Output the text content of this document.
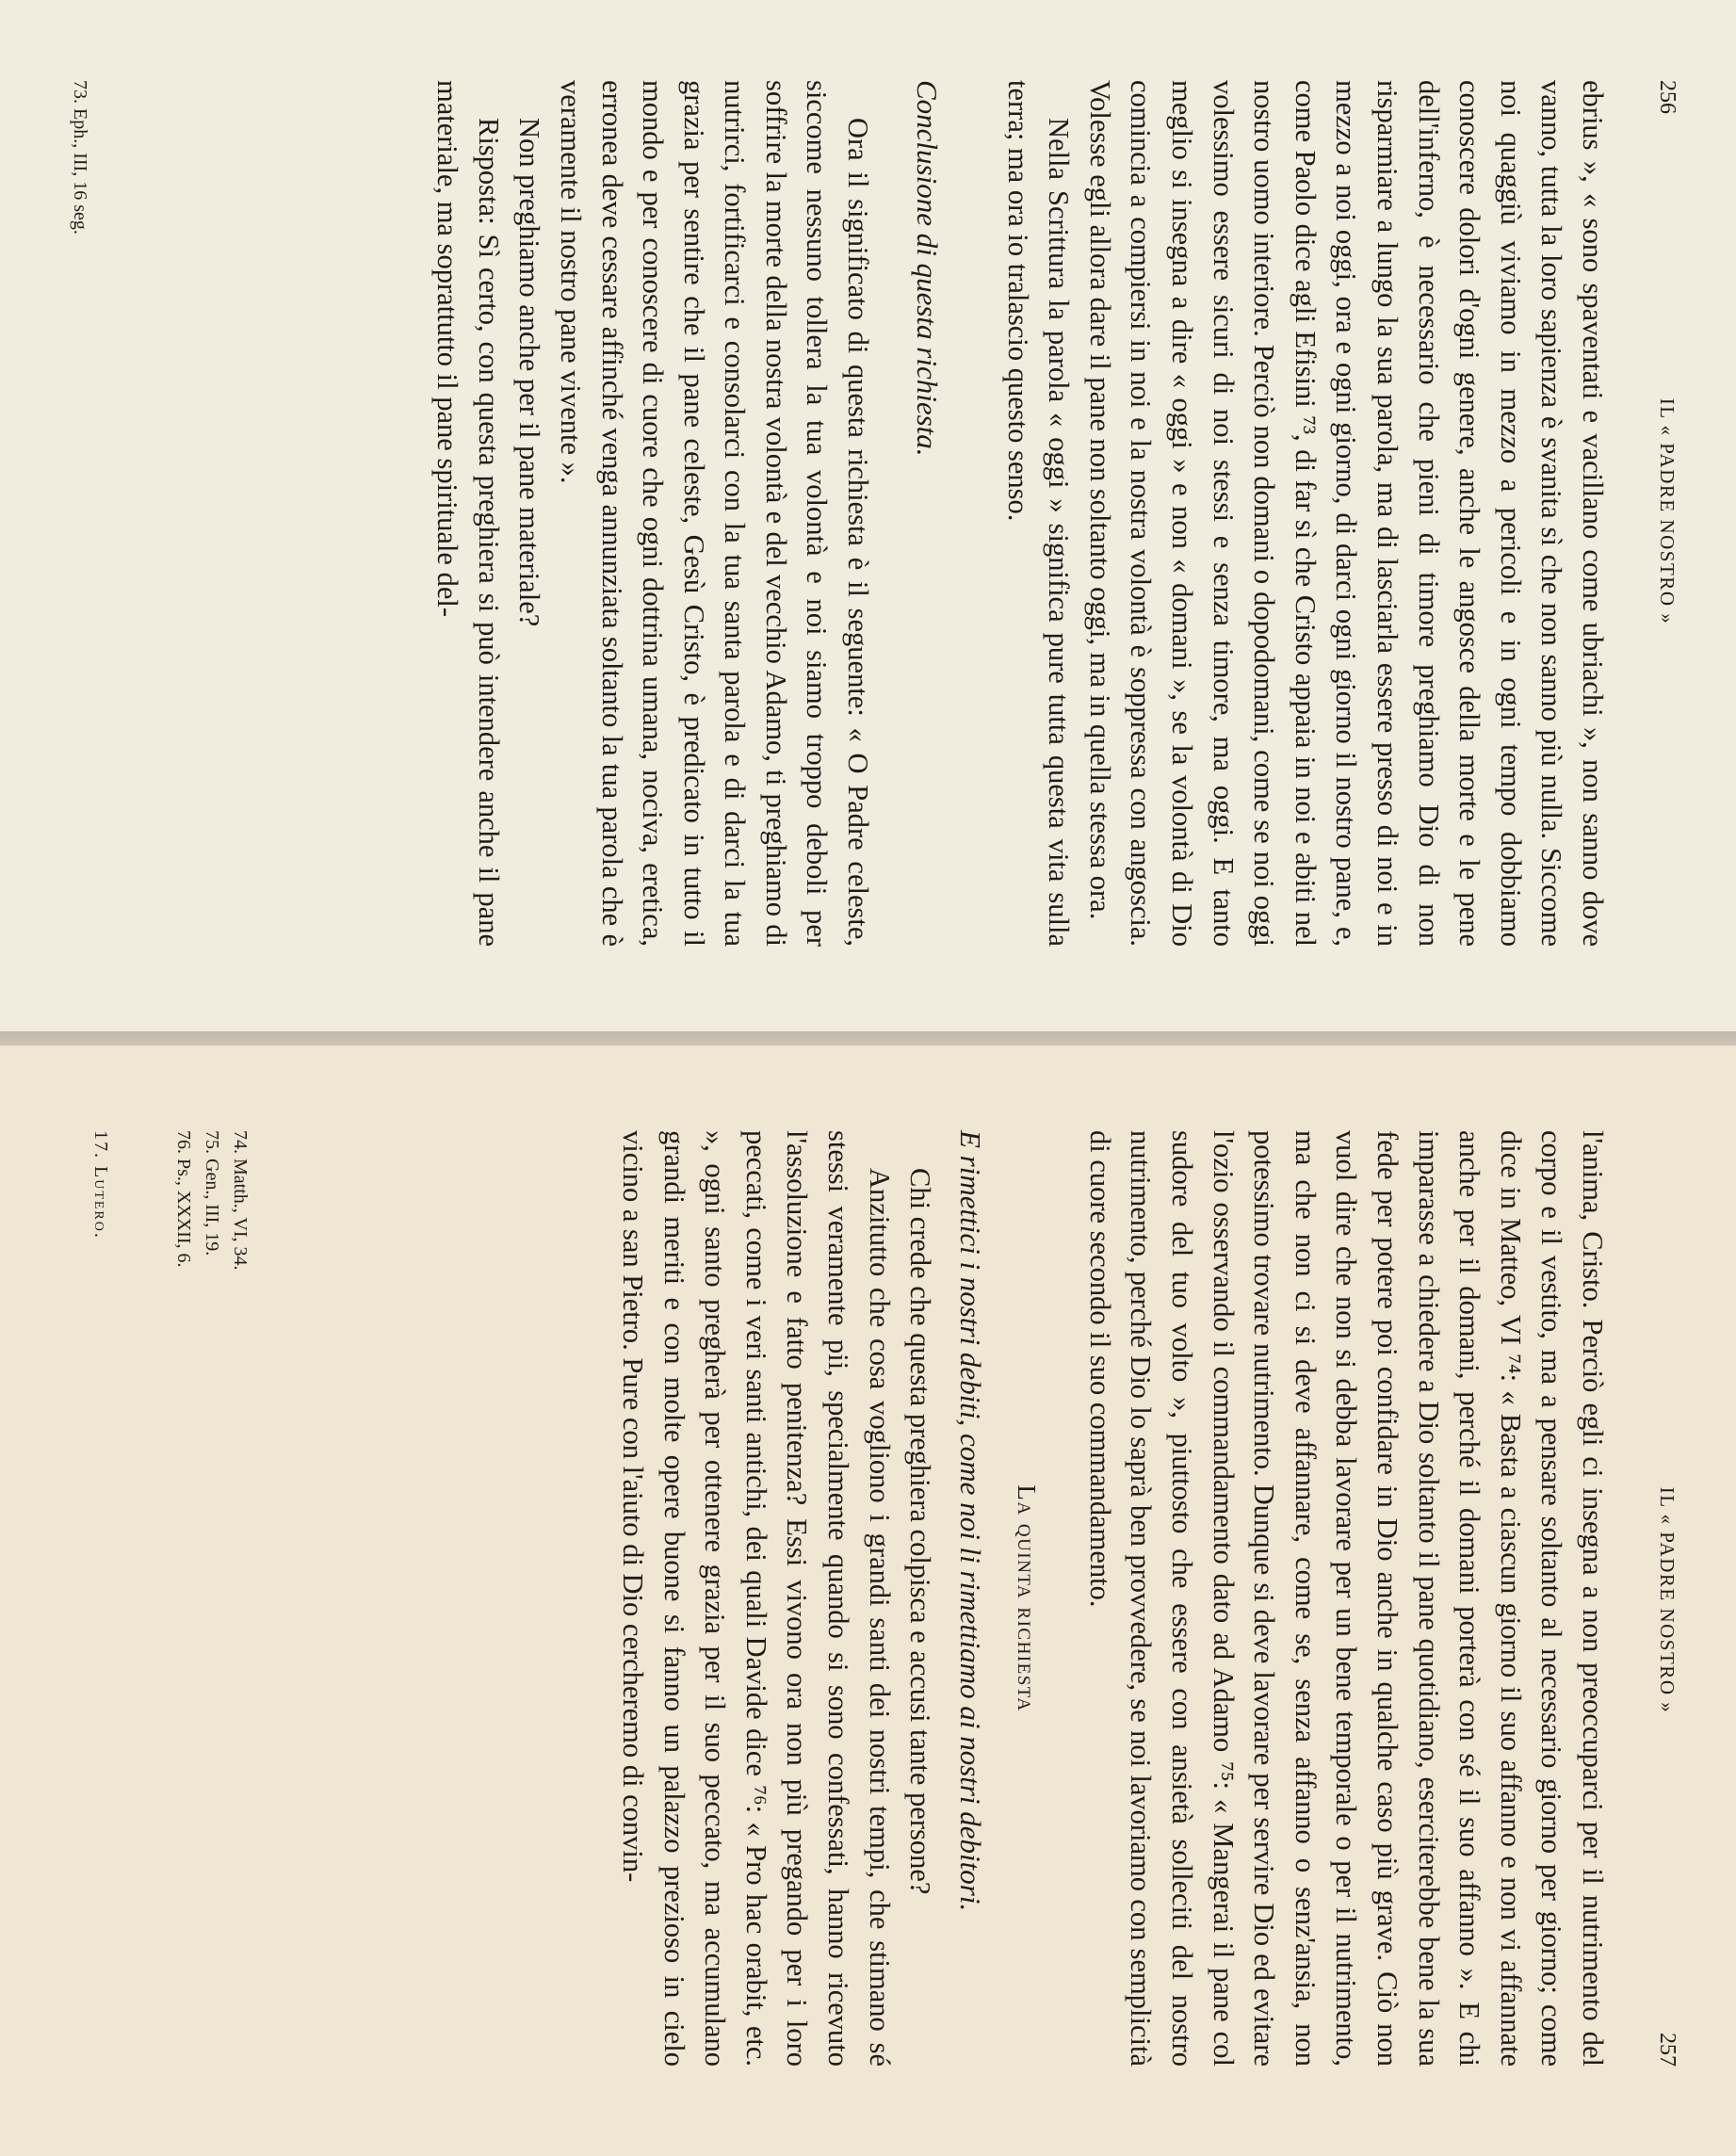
256
IL « PADRE NOSTRO »

ebrius », « sono spaventati e vacillano come ubriachi », non sanno dove vanno, tutta la loro sapienza è svanita sì che non sanno più nulla. Siccome noi quaggiù viviamo in mezzo a pericoli e in ogni tempo dobbiamo conoscere dolori d'ogni genere, anche le angosce della morte e le pene dell'inferno, è necessario che pieni di timore preghiamo Dio di non risparmiare a lungo la sua parola, ma di lasciarla essere presso di noi e in mezzo a noi oggi, ora e ogni giorno, di darci ogni giorno il nostro pane, e, come Paolo dice agli Efisini ⁷³, di far sì che Cristo appaia in noi e abiti nel nostro uomo interiore. Perciò non domani o dopodomani, come se noi oggi volessimo essere sicuri di noi stessi e senza timore, ma oggi. E tanto meglio si insegna a dire « oggi » e non « domani », se la volontà di Dio comincia a compiersi in noi e la nostra volontà è soppressa con angoscia. Volesse egli allora dare il pane non soltanto oggi, ma in quella stessa ora.

Nella Scrittura la parola « oggi » significa pure tutta questa vita sulla terra; ma ora io tralascio questo senso.

Conclusione di questa richiesta.

Ora il significato di questa richiesta è il seguente: « O Padre celeste, siccome nessuno tollera la tua volontà e noi siamo troppo deboli per soffrire la morte della nostra volontà e del vecchio Adamo, ti preghiamo di nutrirci, fortificarci e consolarci con la tua santa parola e di darci la tua grazia per sentire che il pane celeste, Gesù Cristo, è predicato in tutto il mondo e per conoscere di cuore che ogni dottrina umana, nociva, eretica, erronea deve cessare affinché venga annunziata soltanto la tua parola che è veramente il nostro pane vivente ».

Non preghiamo anche per il pane materiale?

Risposta: Sì certo, con questa preghiera si può intendere anche il pane materiale, ma soprattutto il pane spirituale del-

73. Eph., III, 16 seg.
IL « PADRE NOSTRO »
257

l'anima, Cristo. Perciò egli ci insegna a non preoccuparci per il nutrimento del corpo e il vestito, ma a pensare soltanto al necessario giorno per giorno; come dice in Matteo, VI ⁷⁴: « Basta a ciascun giorno il suo affanno e non vi affannate anche per il domani, perché il domani porterà con sé il suo affanno ». E chi imparasse a chiedere a Dio soltanto il pane quotidiano, eserciterebbe bene la sua fede per potere poi confidare in Dio anche in qualche caso più grave. Ciò non vuol dire che non si debba lavorare per un bene temporale o per il nutrimento, ma che non ci si deve affannare, come se, senza affanno o senz'ansia, non potessimo trovare nutrimento. Dunque si deve lavorare per servire Dio ed evitare l'ozio osservando il commandamento dato ad Adamo ⁷⁵: « Mangerai il pane col sudore del tuo volto », piuttosto che essere con ansietà solleciti del nostro nutrimento, perché Dio lo saprà ben provvedere, se noi lavoriamo con semplicità di cuore secondo il suo commandamento.

La quinta richiesta
E rimettici i nostri debiti, come noi li rimettiamo ai nostri debitori.

Chi crede che questa preghiera colpisca e accusi tante persone?

Anzitutto che cosa vogliono i grandi santi dei nostri tempi, che stimano sé stessi veramente pii, specialmente quando si sono confessati, hanno ricevuto l'assoluzione e fatto penitenza? Essi vivono ora non più pregando per i loro peccati, come i veri santi antichi, dei quali Davide dice ⁷⁶: « Pro hac orabit, etc. », ogni santo pregherà per ottenere grazia per il suo peccato, ma accumulano grandi meriti e con molte opere buone si fanno un palazzo prezioso in cielo vicino a san Pietro. Pure con l'aiuto di Dio cercheremo di convin-

74. Matth., VI, 34.
75. Gen., III, 19.
76. Ps., XXXII, 6.
17. Lutero.
